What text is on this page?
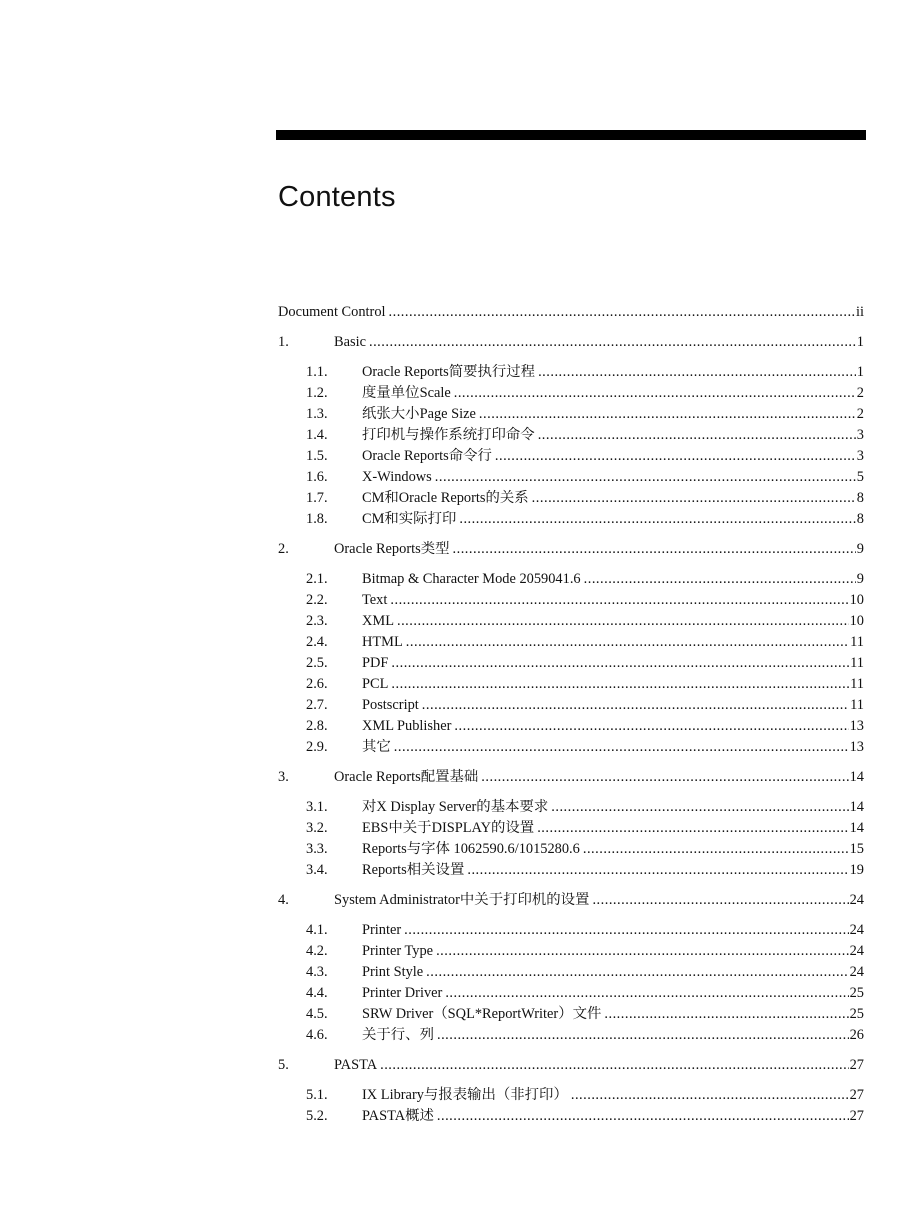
Contents
Document Control .....	ii
1.	Basic .....	1
1.1.	Oracle Reports简要执行过程 .....	1
1.2.	度量单位Scale .....	2
1.3.	纸张大小Page Size .....	2
1.4.	打印机与操作系统打印命令 .....	3
1.5.	Oracle Reports命令行 .....	3
1.6.	X-Windows .....	5
1.7.	CM和Oracle Reports的关系 .....	8
1.8.	CM和实际打印 .....	8
2.	Oracle Reports类型 .....	9
2.1.	Bitmap & Character Mode 2059041.6 .....	9
2.2.	Text .....	10
2.3.	XML .....	10
2.4.	HTML .....	11
2.5.	PDF .....	11
2.6.	PCL .....	11
2.7.	Postscript .....	11
2.8.	XML Publisher .....	13
2.9.	其它 .....	13
3.	Oracle Reports配置基础 .....	14
3.1.	对X Display Server的基本要求 .....	14
3.2.	EBS中关于DISPLAY的设置 .....	14
3.3.	Reports与字体 1062590.6/1015280.6 .....	15
3.4.	Reports相关设置 .....	19
4.	System Administrator中关于打印机的设置 .....	24
4.1.	Printer .....	24
4.2.	Printer Type .....	24
4.3.	Print Style .....	24
4.4.	Printer Driver .....	25
4.5.	SRW Driver（SQL*ReportWriter）文件 .....	25
4.6.	关于行、列 .....	26
5.	PASTA .....	27
5.1.	IX Library与报表输出（非打印） .....	27
5.2.	PASTA概述 .....	27
